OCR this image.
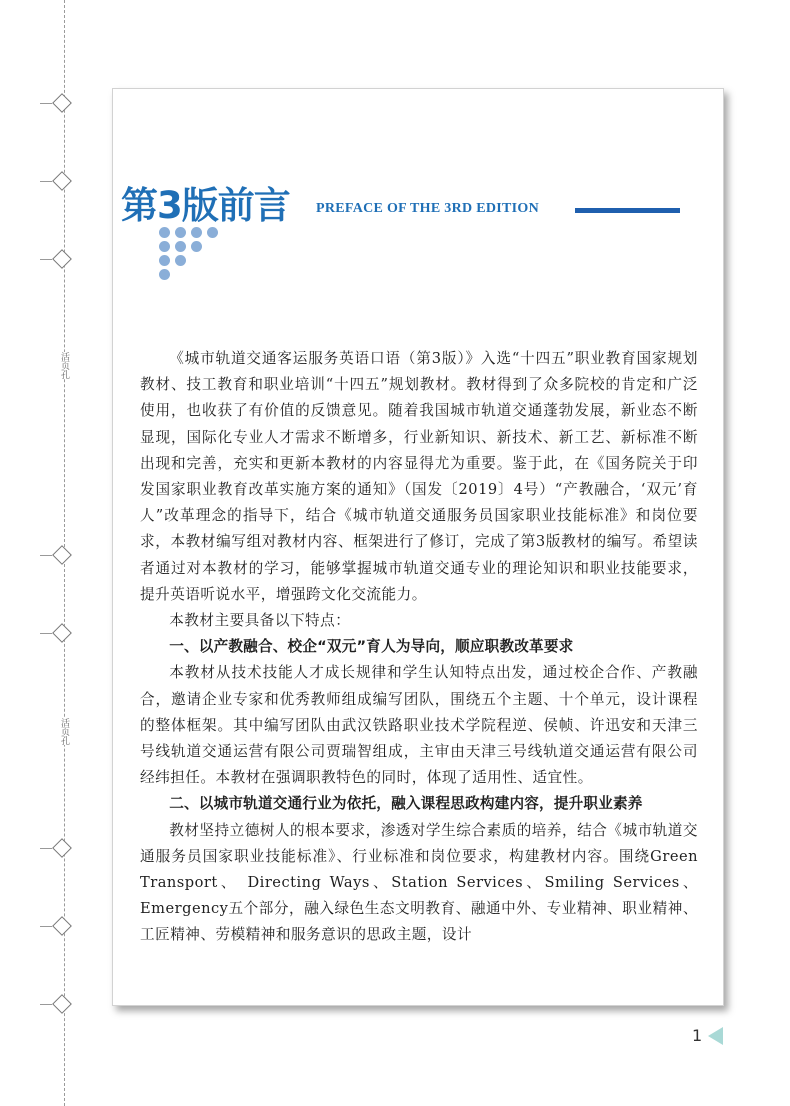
活页孔
活页孔
第3版前言 PREFACE OF THE 3RD EDITION

《城市轨道交通客运服务英语口语（第3版）》入选“十四五”职业教育国家规划教材、技工教育和职业培训“十四五”规划教材。教材得到了众多院校的肯定和广泛使用，也收获了有价值的反馈意见。随着我国城市轨道交通蓬勃发展，新业态不断显现，国际化专业人才需求不断增多，行业新知识、新技术、新工艺、新标准不断出现和完善，充实和更新本教材的内容显得尤为重要。鉴于此，在《国务院关于印发国家职业教育改革实施方案的通知》（国发〔2019〕4号）“产教融合，‘双元’育人”改革理念的指导下，结合《城市轨道交通服务员国家职业技能标准》和岗位要求，本教材编写组对教材内容、框架进行了修订，完成了第3版教材的编写。希望读者通过对本教材的学习，能够掌握城市轨道交通专业的理论知识和职业技能要求，提升英语听说水平，增强跨文化交流能力。

本教材主要具备以下特点：

一、以产教融合、校企“双元”育人为导向，顺应职教改革要求

本教材从技术技能人才成长规律和学生认知特点出发，通过校企合作、产教融合，邀请企业专家和优秀教师组成编写团队，围绕五个主题、十个单元，设计课程的整体框架。其中编写团队由武汉铁路职业技术学院程逆、侯帧、许迅安和天津三号线轨道交通运营有限公司贾瑞智组成，主审由天津三号线轨道交通运营有限公司经纬担任。本教材在强调职教特色的同时，体现了适用性、适宜性。

二、以城市轨道交通行业为依托，融入课程思政构建内容，提升职业素养

教材坚持立德树人的根本要求，渗透对学生综合素质的培养，结合《城市轨道交通服务员国家职业技能标准》、行业标准和岗位要求，构建教材内容。围绕Green Transport、 Directing Ways、Station Services、Smiling Services、Emergency五个部分，融入绿色生态文明教育、融通中外、专业精神、职业精神、工匠精神、劳模精神和服务意识的思政主题，设计

1
